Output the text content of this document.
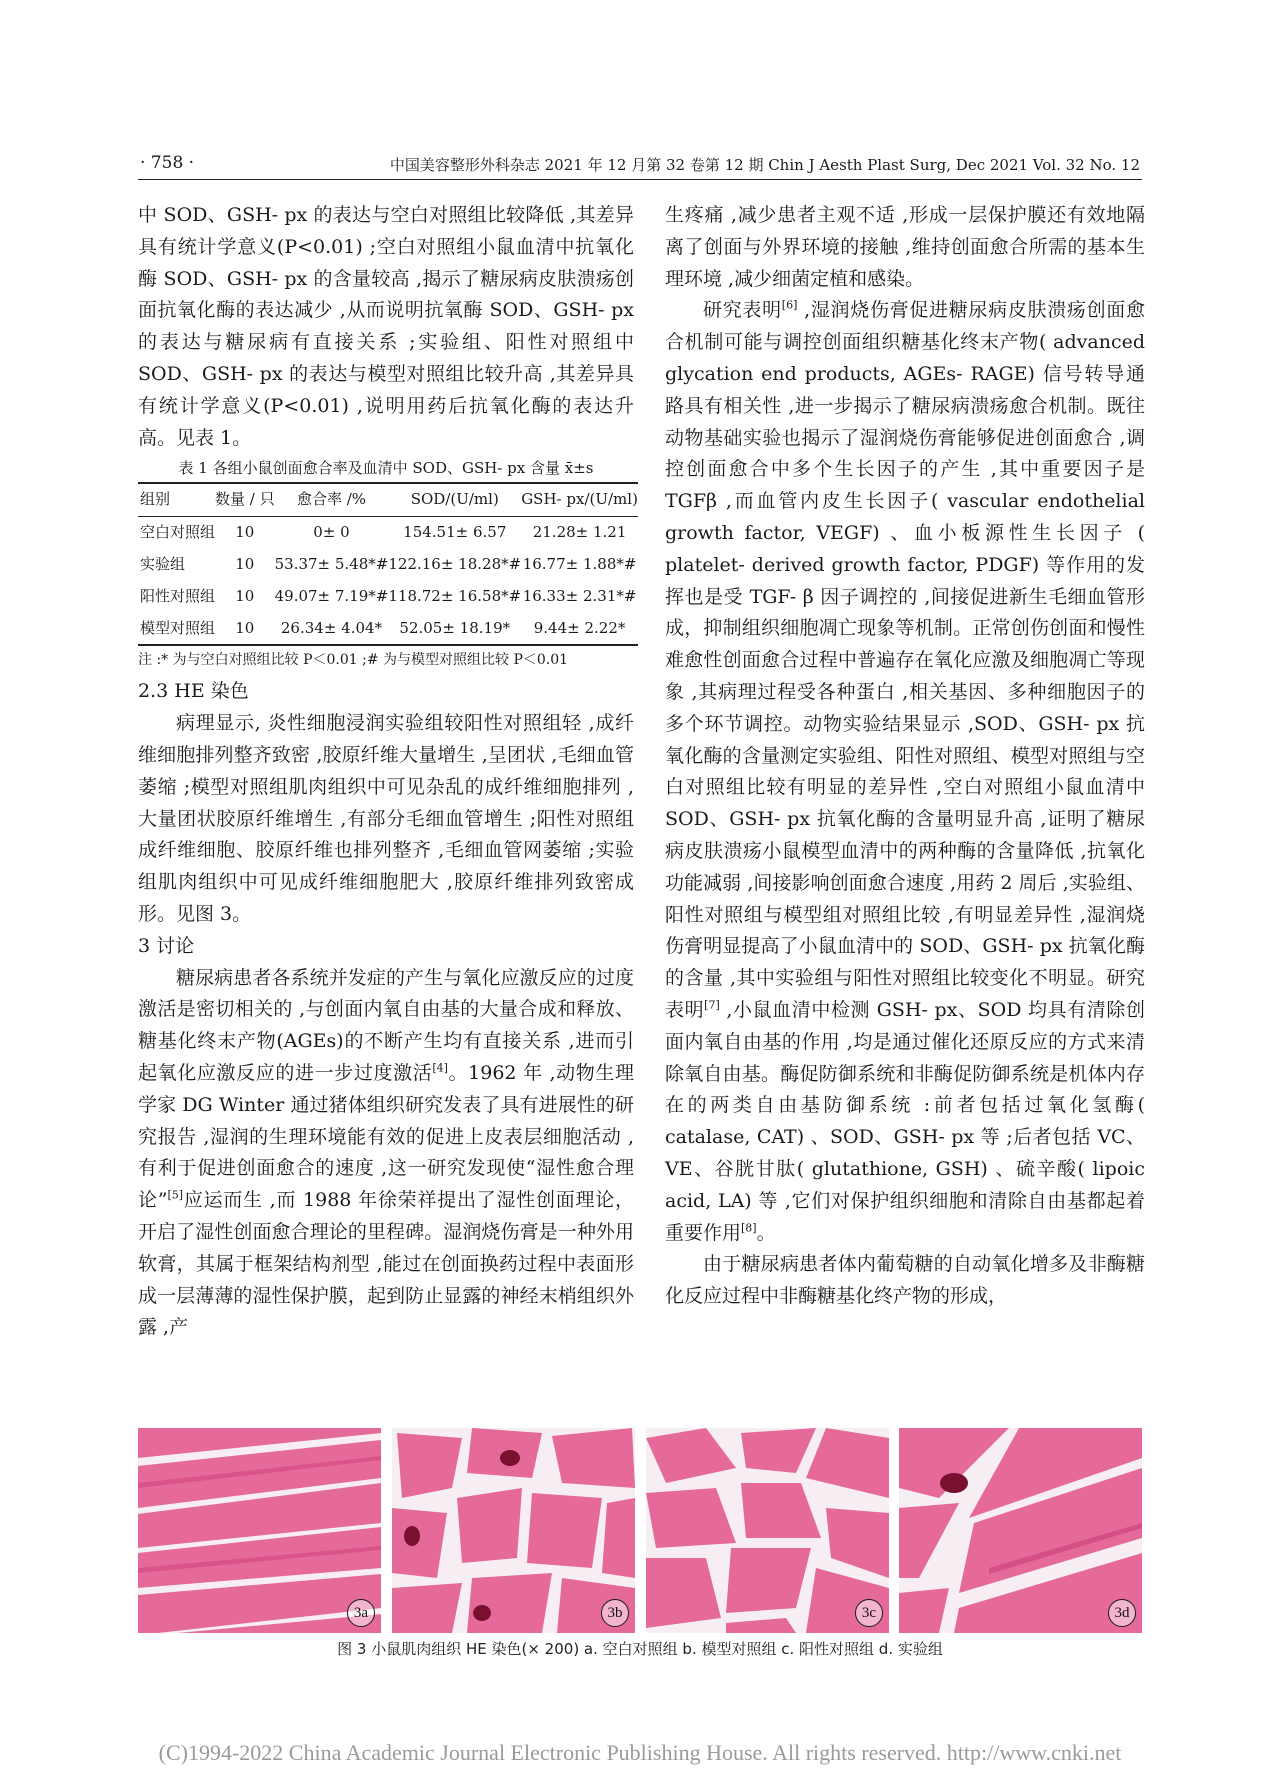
· 758 ·	中国美容整形外科杂志 2021 年 12 月第 32 卷第 12 期 Chin J Aesth Plast Surg, Dec 2021 Vol. 32 No. 12

中 SOD、GSH- px 的表达与空白对照组比较降低 ,其差异具有统计学意义(P<0.01) ;空白对照组小鼠血清中抗氧化酶 SOD、GSH- px 的含量较高 ,揭示了糖尿病皮肤溃疡创面抗氧化酶的表达减少 ,从而说明抗氧酶 SOD、GSH- px 的表达与糖尿病有直接关系 ;实验组、阳性对照组中 SOD、GSH- px 的表达与模型对照组比较升高 ,其差异具有统计学意义(P<0.01) ,说明用药后抗氧化酶的表达升高。见表 1。

表 1 各组小鼠创面愈合率及血清中 SOD、GSH- px 含量 x̄±s
组别	数量 / 只	愈合率 /%	SOD/(U/ml)	GSH- px/(U/ml)
空白对照组	10	0± 0	154.51± 6.57	21.28± 1.21
实验组	10	53.37± 5.48*#	122.16± 18.28*#	16.77± 1.88*#
阳性对照组	10	49.07± 7.19*#	118.72± 16.58*#	16.33± 2.31*#
模型对照组	10	26.34± 4.04*	52.05± 18.19*	9.44± 2.22*
注 :* 为与空白对照组比较 P＜0.01 ;# 为与模型对照组比较 P＜0.01

2.3 HE 染色

病理显示, 炎性细胞浸润实验组较阳性对照组轻 ,成纤维细胞排列整齐致密 ,胶原纤维大量增生 ,呈团状 ,毛细血管萎缩 ;模型对照组肌肉组织中可见杂乱的成纤维细胞排列 ,大量团状胶原纤维增生 ,有部分毛细血管增生 ;阳性对照组成纤维细胞、胶原纤维也排列整齐 ,毛细血管网萎缩 ;实验组肌肉组织中可见成纤维细胞肥大 ,胶原纤维排列致密成形。见图 3。

3 讨论

糖尿病患者各系统并发症的产生与氧化应激反应的过度激活是密切相关的 ,与创面内氧自由基的大量合成和释放、糖基化终末产物(AGEs)的不断产生均有直接关系 ,进而引起氧化应激反应的进一步过度激活[4]。1962 年 ,动物生理学家 DG Winter 通过猪体组织研究发表了具有进展性的研究报告 ,湿润的生理环境能有效的促进上皮表层细胞活动 ,有利于促进创面愈合的速度 ,这一研究发现使“湿性愈合理论”[5]应运而生 ,而 1988 年徐荣祥提出了湿性创面理论，开启了湿性创面愈合理论的里程碑。湿润烧伤膏是一种外用软膏，其属于框架结构剂型 ,能过在创面换药过程中表面形成一层薄薄的湿性保护膜，起到防止显露的神经末梢组织外露 ,产

生疼痛 ,减少患者主观不适 ,形成一层保护膜还有效地隔离了创面与外界环境的接触 ,维持创面愈合所需的基本生理环境 ,减少细菌定植和感染。

研究表明[6] ,湿润烧伤膏促进糖尿病皮肤溃疡创面愈合机制可能与调控创面组织糖基化终末产物( advanced glycation end products, AGEs- RAGE) 信号转导通路具有相关性 ,进一步揭示了糖尿病溃疡愈合机制。既往动物基础实验也揭示了湿润烧伤膏能够促进创面愈合 ,调控创面愈合中多个生长因子的产生 ,其中重要因子是 TGFβ ,而血管内皮生长因子( vascular endothelial growth factor, VEGF) 、血小板源性生长因子 ( platelet- derived growth factor, PDGF) 等作用的发挥也是受 TGF- β 因子调控的 ,间接促进新生毛细血管形成，抑制组织细胞凋亡现象等机制。正常创伤创面和慢性难愈性创面愈合过程中普遍存在氧化应激及细胞凋亡等现象 ,其病理过程受各种蛋白 ,相关基因、多种细胞因子的多个环节调控。动物实验结果显示 ,SOD、GSH- px 抗氧化酶的含量测定实验组、阳性对照组、模型对照组与空白对照组比较有明显的差异性 ,空白对照组小鼠血清中 SOD、GSH- px 抗氧化酶的含量明显升高 ,证明了糖尿病皮肤溃疡小鼠模型血清中的两种酶的含量降低 ,抗氧化功能减弱 ,间接影响创面愈合速度 ,用药 2 周后 ,实验组、阳性对照组与模型组对照组比较 ,有明显差异性 ,湿润烧伤膏明显提高了小鼠血清中的 SOD、GSH- px 抗氧化酶的含量 ,其中实验组与阳性对照组比较变化不明显。研究表明[7] ,小鼠血清中检测 GSH- px、SOD 均具有清除创面内氧自由基的作用 ,均是通过催化还原反应的方式来清除氧自由基。酶促防御系统和非酶促防御系统是机体内存在的两类自由基防御系统 :前者包括过氧化氢酶( catalase, CAT) 、SOD、GSH- px 等 ;后者包括 VC、VE、谷胱甘肽( glutathione, GSH) 、硫辛酸( lipoic acid, LA) 等 ,它们对保护组织细胞和清除自由基都起着重要作用[8]。

由于糖尿病患者体内葡萄糖的自动氧化增多及非酶糖化反应过程中非酶糖基化终产物的形成，

3a	3b	3c	3d
图 3 小鼠肌肉组织 HE 染色(× 200) a. 空白对照组 b. 模型对照组 c. 阳性对照组 d. 实验组
(C)1994-2022 China Academic Journal Electronic Publishing House. All rights reserved. http://www.cnki.net
